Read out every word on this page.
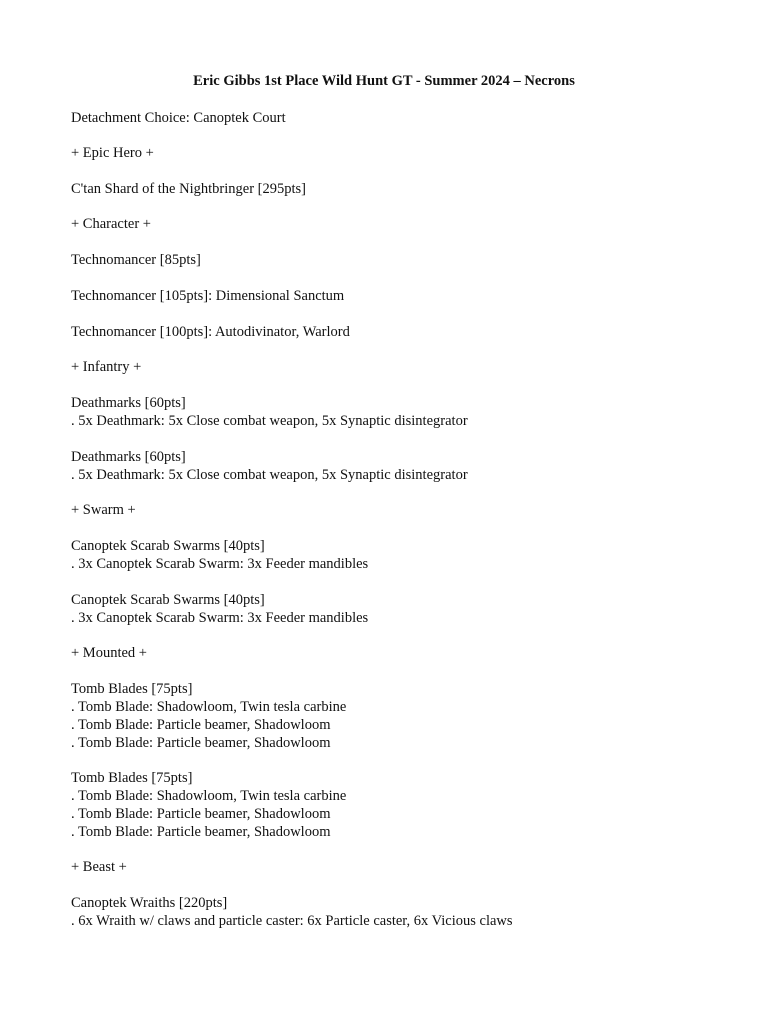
Eric Gibbs 1st Place Wild Hunt GT - Summer 2024 – Necrons
Detachment Choice: Canoptek Court
+ Epic Hero +
C'tan Shard of the Nightbringer [295pts]
+ Character +
Technomancer [85pts]
Technomancer [105pts]: Dimensional Sanctum
Technomancer [100pts]: Autodivinator, Warlord
+ Infantry +
Deathmarks [60pts]
. 5x Deathmark: 5x Close combat weapon, 5x Synaptic disintegrator
Deathmarks [60pts]
. 5x Deathmark: 5x Close combat weapon, 5x Synaptic disintegrator
+ Swarm +
Canoptek Scarab Swarms [40pts]
. 3x Canoptek Scarab Swarm: 3x Feeder mandibles
Canoptek Scarab Swarms [40pts]
. 3x Canoptek Scarab Swarm: 3x Feeder mandibles
+ Mounted +
Tomb Blades [75pts]
. Tomb Blade: Shadowloom, Twin tesla carbine
. Tomb Blade: Particle beamer, Shadowloom
. Tomb Blade: Particle beamer, Shadowloom
Tomb Blades [75pts]
. Tomb Blade: Shadowloom, Twin tesla carbine
. Tomb Blade: Particle beamer, Shadowloom
. Tomb Blade: Particle beamer, Shadowloom
+ Beast +
Canoptek Wraiths [220pts]
. 6x Wraith w/ claws and particle caster: 6x Particle caster, 6x Vicious claws
